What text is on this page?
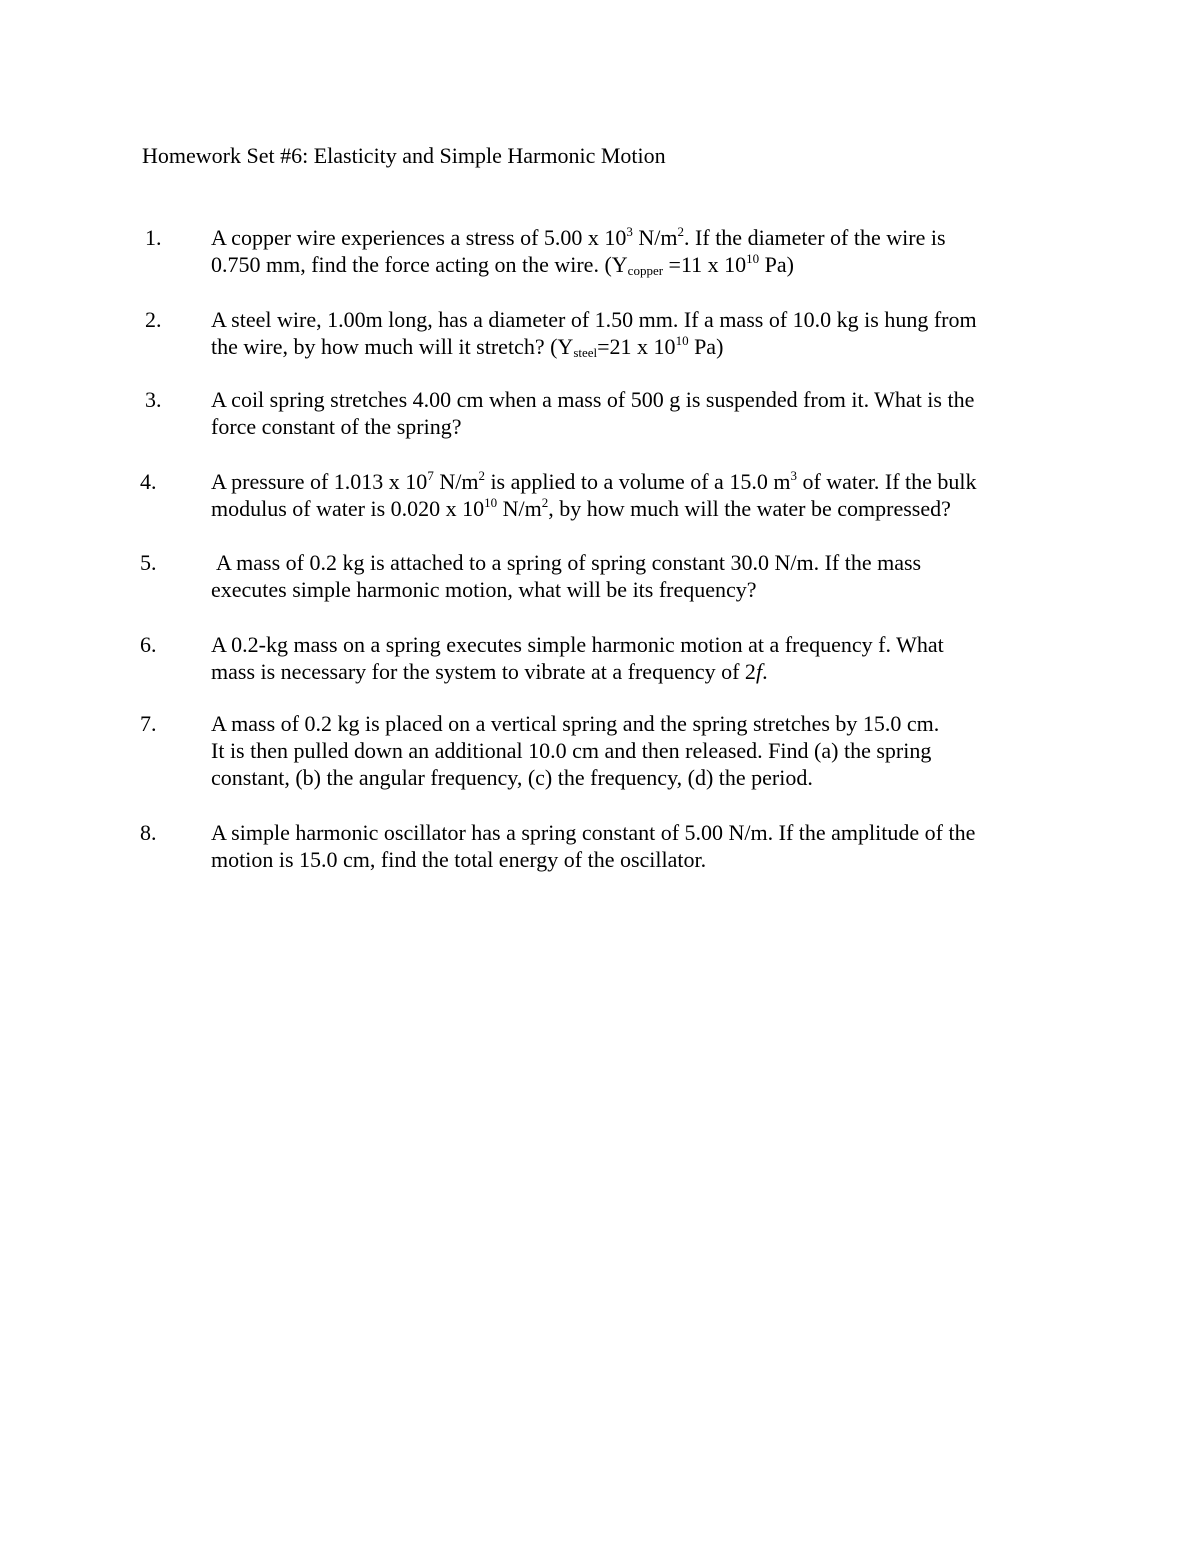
Homework Set #6: Elasticity and Simple Harmonic Motion
1.	A copper wire experiences a stress of 5.00 x $10^3$ $N/m^2$. If the diameter of the wire is
0.750 mm, find the force acting on the wire. ($Y_{copper} =11$ x $10^{10}$ Pa)
2.	A steel wire, 1.00m long, has a diameter of 1.50 mm. If a mass of 10.0 kg is hung from
the wire, by how much will it stretch? ($Y_{steel}=21$ x $10^{10}$ Pa)
3.	A coil spring stretches 4.00 cm when a mass of 500 g is suspended from it. What is the
force constant of the spring?
4.	A pressure of 1.013 x $10^7$ $N/m^2$ is applied to a volume of a 15.0 $m^3$ of water. If the bulk
modulus of water is 0.020 x $10^{10}$ $N/m^2$, by how much will the water be compressed?
5.	A mass of 0.2 kg is attached to a spring of spring constant 30.0 N/m. If the mass
executes simple harmonic motion, what will be its frequency?
6.	A 0.2-kg mass on a spring executes simple harmonic motion at a frequency f. What
mass is necessary for the system to vibrate at a frequency of 2f.
7.	A mass of 0.2 kg is placed on a vertical spring and the spring stretches by 15.0 cm.
It is then pulled down an additional 10.0 cm and then released. Find (a) the spring
constant, (b) the angular frequency, (c) the frequency, (d) the period.
8.	A simple harmonic oscillator has a spring constant of 5.00 N/m. If the amplitude of the
motion is 15.0 cm, find the total energy of the oscillator.
